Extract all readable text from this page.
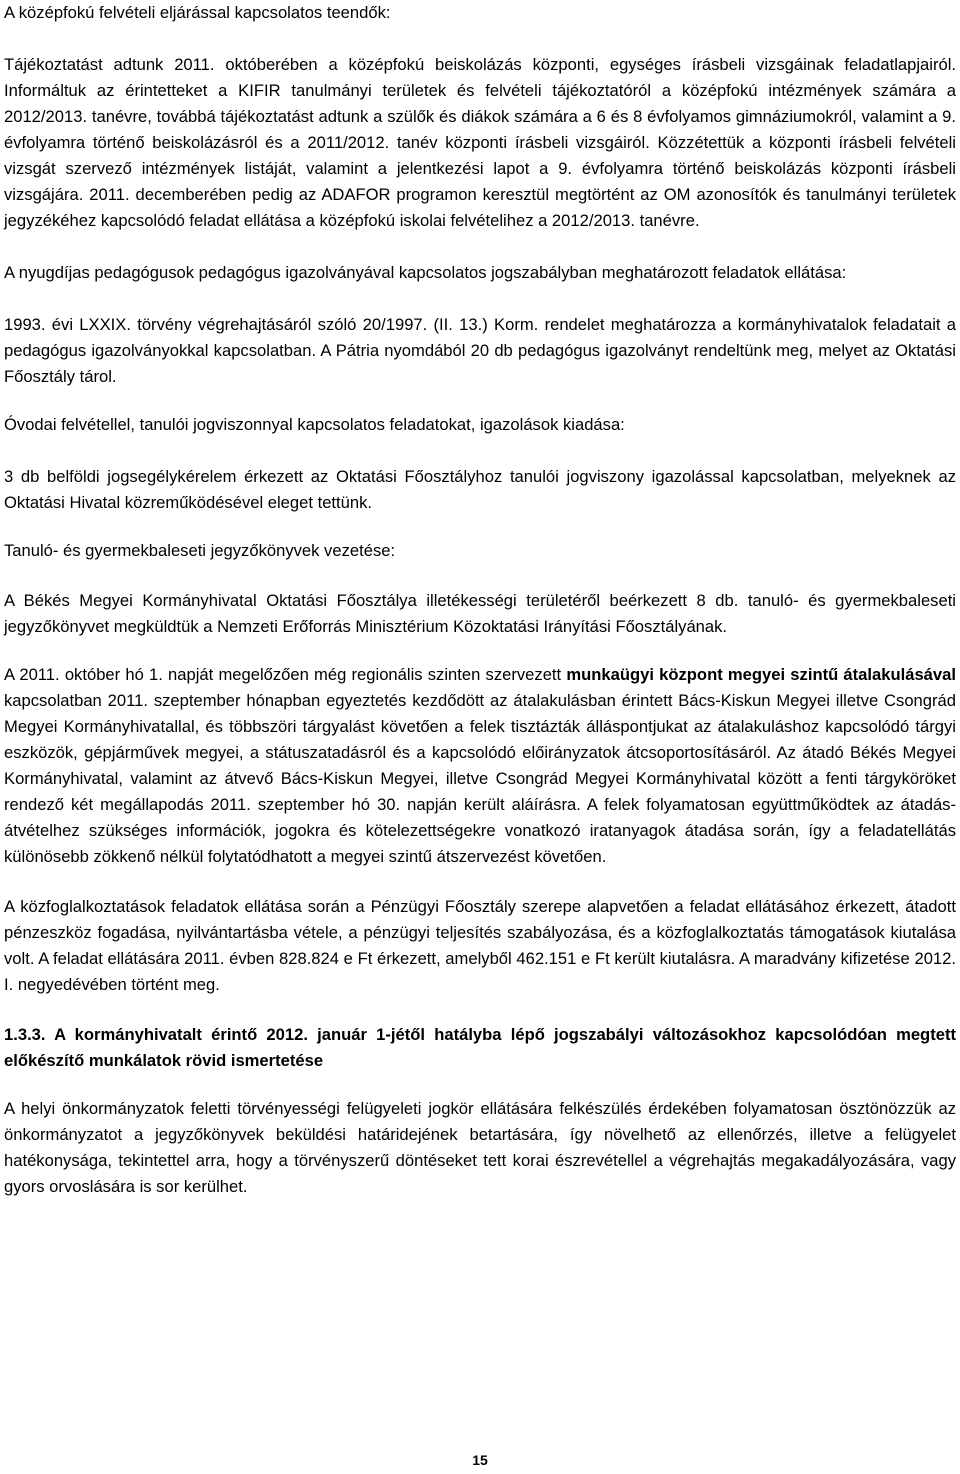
A középfokú felvételi eljárással kapcsolatos teendők:

Tájékoztatást adtunk 2011. októberében a középfokú beiskolázás központi, egységes írásbeli vizsgáinak feladatlapjairól. Informáltuk az érintetteket a KIFIR tanulmányi területek és felvételi tájékoztatóról a középfokú intézmények számára a 2012/2013. tanévre, továbbá tájékoztatást adtunk a szülők és diákok számára a 6 és 8 évfolyamos gimnáziumokról, valamint a 9. évfolyamra történő beiskolázásról és a 2011/2012. tanév központi írásbeli vizsgáiról. Közzétettük a központi írásbeli felvételi vizsgát szervező intézmények listáját, valamint a jelentkezési lapot a 9. évfolyamra történő beiskolázás központi írásbeli vizsgájára. 2011. decemberében pedig az ADAFOR programon keresztül megtörtént az OM azonosítók és tanulmányi területek jegyzékéhez kapcsolódó feladat ellátása a középfokú iskolai felvételihez a 2012/2013. tanévre.

A nyugdíjas pedagógusok pedagógus igazolványával kapcsolatos jogszabályban meghatározott feladatok ellátása:

1993. évi LXXIX. törvény végrehajtásáról szóló 20/1997. (II. 13.) Korm. rendelet meghatározza a kormányhivatalok feladatait a pedagógus igazolványokkal kapcsolatban. A Pátria nyomdából 20 db pedagógus igazolványt rendeltünk meg, melyet az Oktatási Főosztály tárol.

Óvodai felvétellel, tanulói jogviszonnyal kapcsolatos feladatokat, igazolások kiadása:

3 db belföldi jogsegélykérelem érkezett az Oktatási Főosztályhoz tanulói jogviszony igazolással kapcsolatban, melyeknek az Oktatási Hivatal közreműködésével eleget tettünk.

Tanuló- és gyermekbaleseti jegyzőkönyvek vezetése:

A Békés Megyei Kormányhivatal Oktatási Főosztálya illetékességi területéről beérkezett 8 db. tanuló- és gyermekbaleseti jegyzőkönyvet megküldtük a Nemzeti Erőforrás Minisztérium Közoktatási Irányítási Főosztályának.

A 2011. október hó 1. napját megelőzően még regionális szinten szervezett munkaügyi központ megyei szintű átalakulásával kapcsolatban 2011. szeptember hónapban egyeztetés kezdődött az átalakulásban érintett Bács-Kiskun Megyei illetve Csongrád Megyei Kormányhivatallal, és többszöri tárgyalást követően a felek tisztázták álláspontjukat az átalakuláshoz kapcsolódó tárgyi eszközök, gépjárművek megyei, a státuszatadásról és a kapcsolódó előirányzatok átcsoportosításáról. Az átadó Békés Megyei Kormányhivatal, valamint az átvevő Bács-Kiskun Megyei, illetve Csongrád Megyei Kormányhivatal között a fenti tárgyköröket rendező két megállapodás 2011. szeptember hó 30. napján került aláírásra. A felek folyamatosan együttműködtek az átadás-átvételhez szükséges információk, jogokra és kötelezettségekre vonatkozó iratanyagok átadása során, így a feladatellátás különösebb zökkenő nélkül folytatódhatott a megyei szintű átszervezést követően.

A közfoglalkoztatások feladatok ellátása során a Pénzügyi Főosztály szerepe alapvetően a feladat ellátásához érkezett, átadott pénzeszköz fogadása, nyilvántartásba vétele, a pénzügyi teljesítés szabályozása, és a közfoglalkoztatás támogatások kiutalása volt. A feladat ellátására 2011. évben 828.824 e Ft érkezett, amelyből 462.151 e Ft került kiutalásra. A maradvány kifizetése 2012. I. negyedévében történt meg.

1.3.3. A kormányhivatalt érintő 2012. január 1-jétől hatályba lépő jogszabályi változásokhoz kapcsolódóan megtett előkészítő munkálatok rövid ismertetése

A helyi önkormányzatok feletti törvényességi felügyeleti jogkör ellátására felkészülés érdekében folyamatosan ösztönözzük az önkormányzatot a jegyzőkönyvek beküldési határidejének betartására, így növelhető az ellenőrzés, illetve a felügyelet hatékonysága, tekintettel arra, hogy a törvényszerű döntéseket tett korai észrevétellel a végrehajtás megakadályozására, vagy gyors orvoslására is sor kerülhet.

15
